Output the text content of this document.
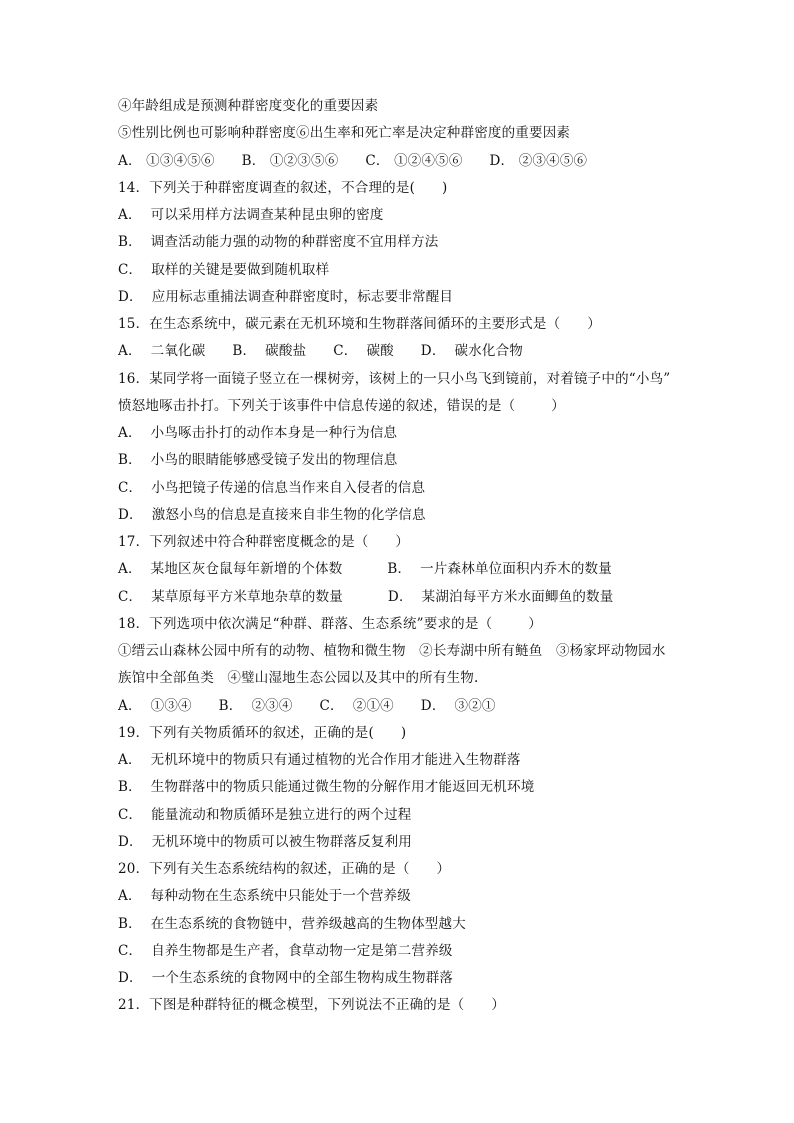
④年龄组成是预测种群密度变化的重要因素
⑤性别比例也可影响种群密度⑥出生率和死亡率是决定种群密度的重要因素
A． ①③④⑤⑥      B． ①②③⑤⑥      C． ①②④⑤⑥      D． ②③④⑤⑥
14．下列关于种群密度调查的叙述，不合理的是(      )
A．  可以采用样方法调查某种昆虫卵的密度
B．  调查活动能力强的动物的种群密度不宜用样方法
C．  取样的关键是要做到随机取样
D．  应用标志重捕法调查种群密度时，标志要非常醒目
15．在生态系统中，碳元素在无机环境和生物群落间循环的主要形式是（      ）
A．  二氧化碳      B．  碳酸盐      C．  碳酸      D．  碳水化合物
16．某同学将一面镜子竖立在一棵树旁，该树上的一只小鸟飞到镜前，对着镜子中的“小鸟”
愤怒地啄击扑打。下列关于该事件中信息传递的叙述，错误的是（        ）
A．  小鸟啄击扑打的动作本身是一种行为信息
B．  小鸟的眼睛能够感受镜子发出的物理信息
C．  小鸟把镜子传递的信息当作来自入侵者的信息
D．  激怒小鸟的信息是直接来自非生物的化学信息
17．下列叙述中符合种群密度概念的是（      ）
A．  某地区灰仓鼠每年新增的个体数          B．  一片森林单位面积内乔木的数量
C．  某草原每平方米草地杂草的数量          D．  某湖泊每平方米水面鲫鱼的数量
18．下列选项中依次满足“种群、群落、生态系统”要求的是（        ）
①缙云山森林公园中所有的动物、植物和微生物   ②长寿湖中所有鲢鱼   ③杨家坪动物园水
族馆中全部鱼类   ④璧山湿地生态公园以及其中的所有生物.
A．  ①③④      B．  ②③④      C．  ②①④      D．  ③②①
19．下列有关物质循环的叙述，正确的是(      )
A．  无机环境中的物质只有通过植物的光合作用才能进入生物群落
B．  生物群落中的物质只能通过微生物的分解作用才能返回无机环境
C．  能量流动和物质循环是独立进行的两个过程
D．  无机环境中的物质可以被生物群落反复利用
20．下列有关生态系统结构的叙述，正确的是（      ）
A．  每种动物在生态系统中只能处于一个营养级
B．  在生态系统的食物链中，营养级越高的生物体型越大
C．  自养生物都是生产者，食草动物一定是第二营养级
D．  一个生态系统的食物网中的全部生物构成生物群落
21．下图是种群特征的概念模型，下列说法不正确的是（      ）
